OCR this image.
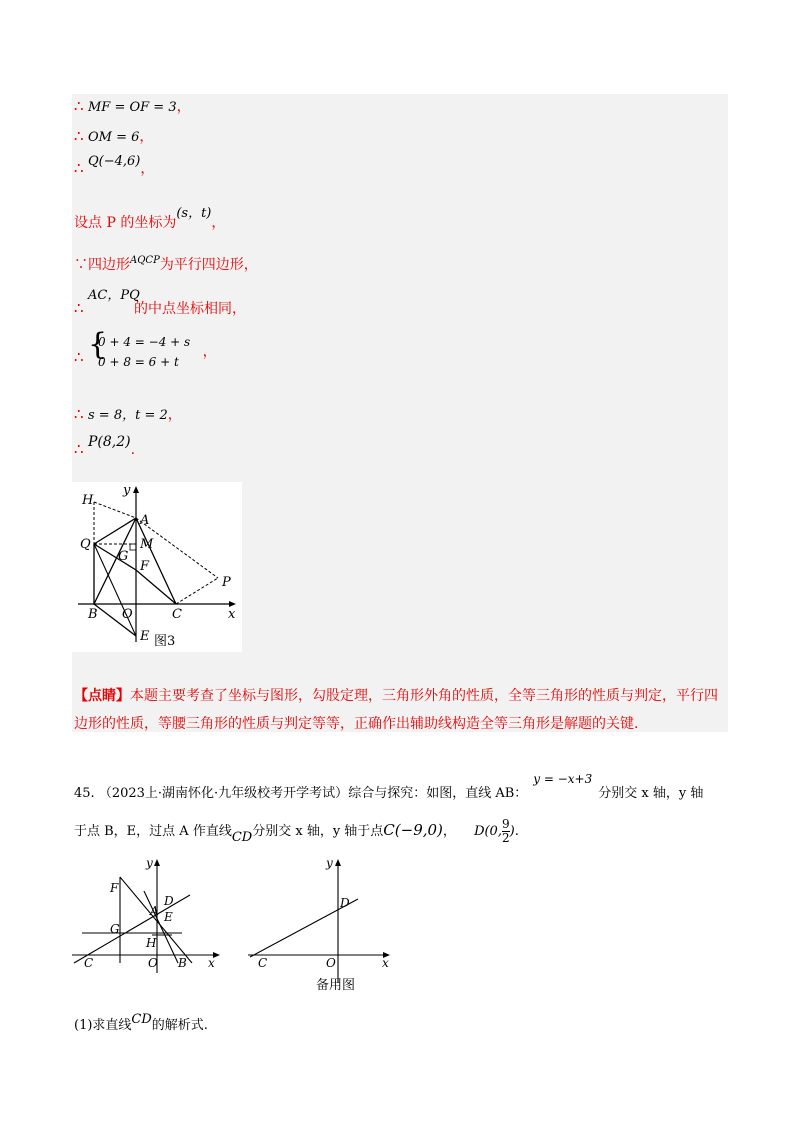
∴ MF = OF = 3，
∴ OM = 6，
∴ Q(−4,6)，
设点 P 的坐标为(s，t)，
∵四边形$^{AQCP}$为平行四边形，
AC，PQ
∴	的中点坐标相同，
∴ {
0 + 4 = −4 + s
0 + 8 = 6 + t
，
∴ s = 8，t = 2，
∴ P(8,2).
H
y
A
Q	M
G
F
P
B O	C	x
E 图3
【点睛】本题主要考查了坐标与图形，勾股定理，三角形外角的性质，全等三角形的性质与判定，平行四边形的性质，等腰三角形的性质与判定等等，正确作出辅助线构造全等三角形是解题的关键.
45. （2023上·湖南怀化·九年级校考开学考试）综合与探究：如图，直线 AB：y = −x+3分别交 x 轴，y 轴
于点 B，E，过点 A 作直线CD分别交 x 轴，y 轴于点C(−9,0)， D(0, $\frac{9}{2}$ ).
y
F
D
A E
G
H
C	O B x
y
D
C	O	x
备用图
(1)求直线CD的解析式.
